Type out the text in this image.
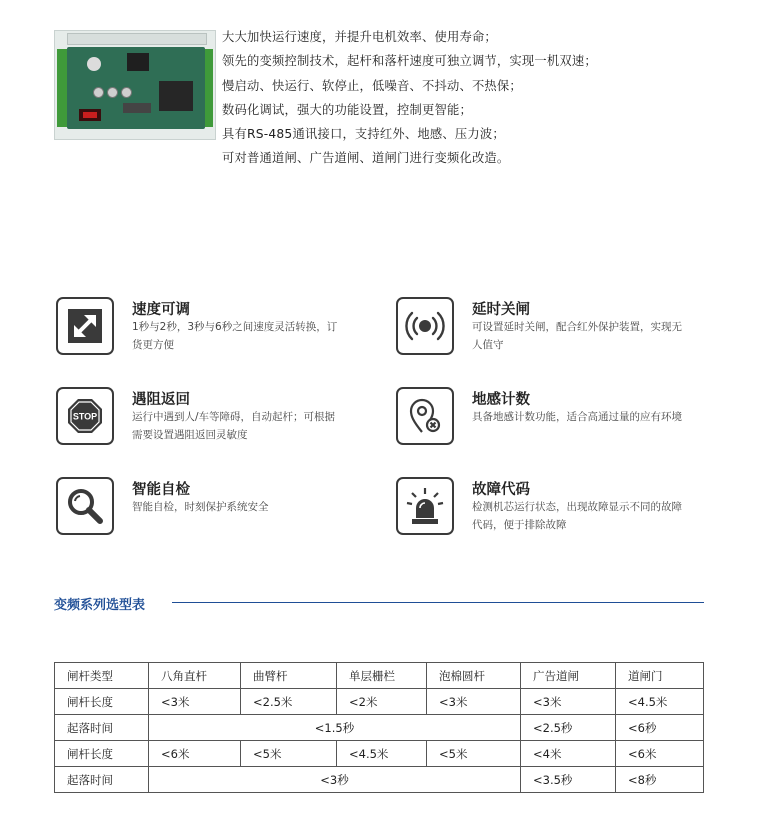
大大加快运行速度，并提升电机效率、使用寿命；
领先的变频控制技术，起杆和落杆速度可独立调节，实现一机双速；
慢启动、快运行、软停止，低噪音、不抖动、不热保；
数码化调试，强大的功能设置，控制更智能；
具有RS-485通讯接口，支持红外、地感、压力波；
可对普通道闸、广告道闸、道闸门进行变频化改造。
速度可调
1秒与2秒，3秒与6秒之间速度灵活转换，订货更方便
延时关闸
可设置延时关闸，配合红外保护装置，实现无人值守
STOP
遇阻返回
运行中遇到人/车等障碍，自动起杆；可根据需要设置遇阻返回灵敏度
地感计数
具备地感计数功能，适合高通过量的应有环境
智能自检
智能自检，时刻保护系统安全
故障代码
检测机芯运行状态，出现故障显示不同的故障代码，便于排除故障
变频系列选型表
闸杆类型	八角直杆	曲臂杆	单层栅栏	泡棉圆杆	广告道闸	道闸门
闸杆长度	<3米	<2.5米	<2米	<3米	<3米	<4.5米
起落时间	<1.5秒				<2.5秒	<6秒
闸杆长度	<6米	<5米	<4.5米	<5米	<4米	<6米
起落时间	<3秒				<3.5秒	<8秒
